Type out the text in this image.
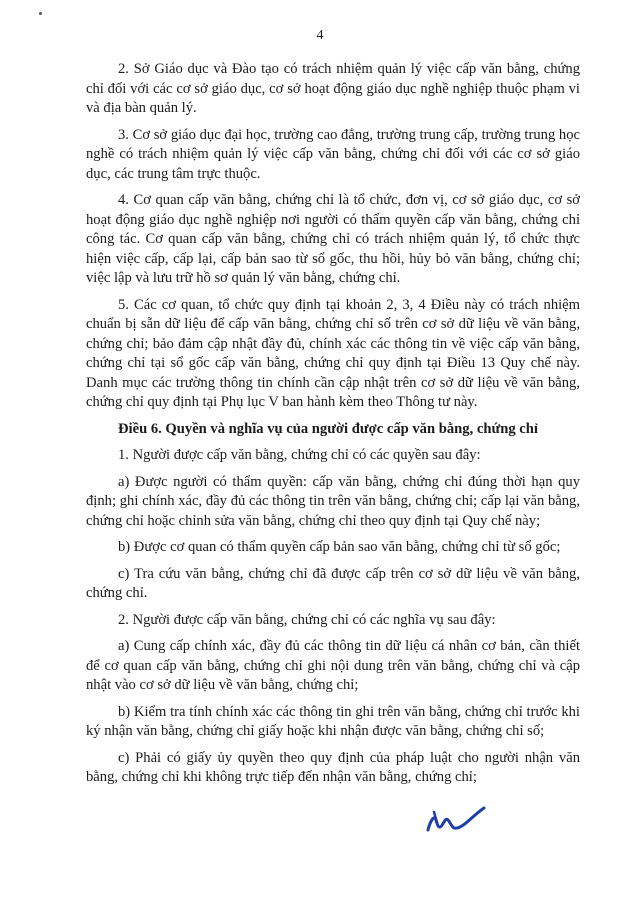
4

2. Sở Giáo dục và Đào tạo có trách nhiệm quản lý việc cấp văn bằng, chứng chỉ đối với các cơ sở giáo dục, cơ sở hoạt động giáo dục nghề nghiệp thuộc phạm vi và địa bàn quản lý.

3. Cơ sở giáo dục đại học, trường cao đẳng, trường trung cấp, trường trung học nghề có trách nhiệm quản lý việc cấp văn bằng, chứng chỉ đối với các cơ sở giáo dục, các trung tâm trực thuộc.

4. Cơ quan cấp văn bằng, chứng chỉ là tổ chức, đơn vị, cơ sở giáo dục, cơ sở hoạt động giáo dục nghề nghiệp nơi người có thẩm quyền cấp văn bằng, chứng chỉ công tác. Cơ quan cấp văn bằng, chứng chỉ có trách nhiệm quản lý, tổ chức thực hiện việc cấp, cấp lại, cấp bản sao từ sổ gốc, thu hồi, hủy bỏ văn bằng, chứng chỉ; việc lập và lưu trữ hồ sơ quản lý văn bằng, chứng chỉ.

5. Các cơ quan, tổ chức quy định tại khoản 2, 3, 4 Điều này có trách nhiệm chuẩn bị sẵn dữ liệu để cấp văn bằng, chứng chỉ số trên cơ sở dữ liệu về văn bằng, chứng chỉ; bảo đảm cập nhật đầy đủ, chính xác các thông tin về việc cấp văn bằng, chứng chỉ tại sổ gốc cấp văn bằng, chứng chỉ quy định tại Điều 13 Quy chế này. Danh mục các trường thông tin chính cần cập nhật trên cơ sở dữ liệu về văn bằng, chứng chỉ quy định tại Phụ lục V ban hành kèm theo Thông tư này.

Điều 6. Quyền và nghĩa vụ của người được cấp văn bằng, chứng chỉ

1. Người được cấp văn bằng, chứng chỉ có các quyền sau đây:

a) Được người có thẩm quyền: cấp văn bằng, chứng chỉ đúng thời hạn quy định; ghi chính xác, đầy đủ các thông tin trên văn bằng, chứng chỉ; cấp lại văn bằng, chứng chỉ hoặc chỉnh sửa văn bằng, chứng chỉ theo quy định tại Quy chế này;

b) Được cơ quan có thẩm quyền cấp bản sao văn bằng, chứng chỉ từ sổ gốc;

c) Tra cứu văn bằng, chứng chỉ đã được cấp trên cơ sở dữ liệu về văn bằng, chứng chỉ.

2. Người được cấp văn bằng, chứng chỉ có các nghĩa vụ sau đây:

a) Cung cấp chính xác, đầy đủ các thông tin dữ liệu cá nhân cơ bản, cần thiết để cơ quan cấp văn bằng, chứng chỉ ghi nội dung trên văn bằng, chứng chỉ và cập nhật vào cơ sở dữ liệu về văn bằng, chứng chỉ;

b) Kiểm tra tính chính xác các thông tin ghi trên văn bằng, chứng chỉ trước khi ký nhận văn bằng, chứng chỉ giấy hoặc khi nhận được văn bằng, chứng chỉ số;

c) Phải có giấy ủy quyền theo quy định của pháp luật cho người nhận văn bằng, chứng chỉ khi không trực tiếp đến nhận văn bằng, chứng chỉ;
